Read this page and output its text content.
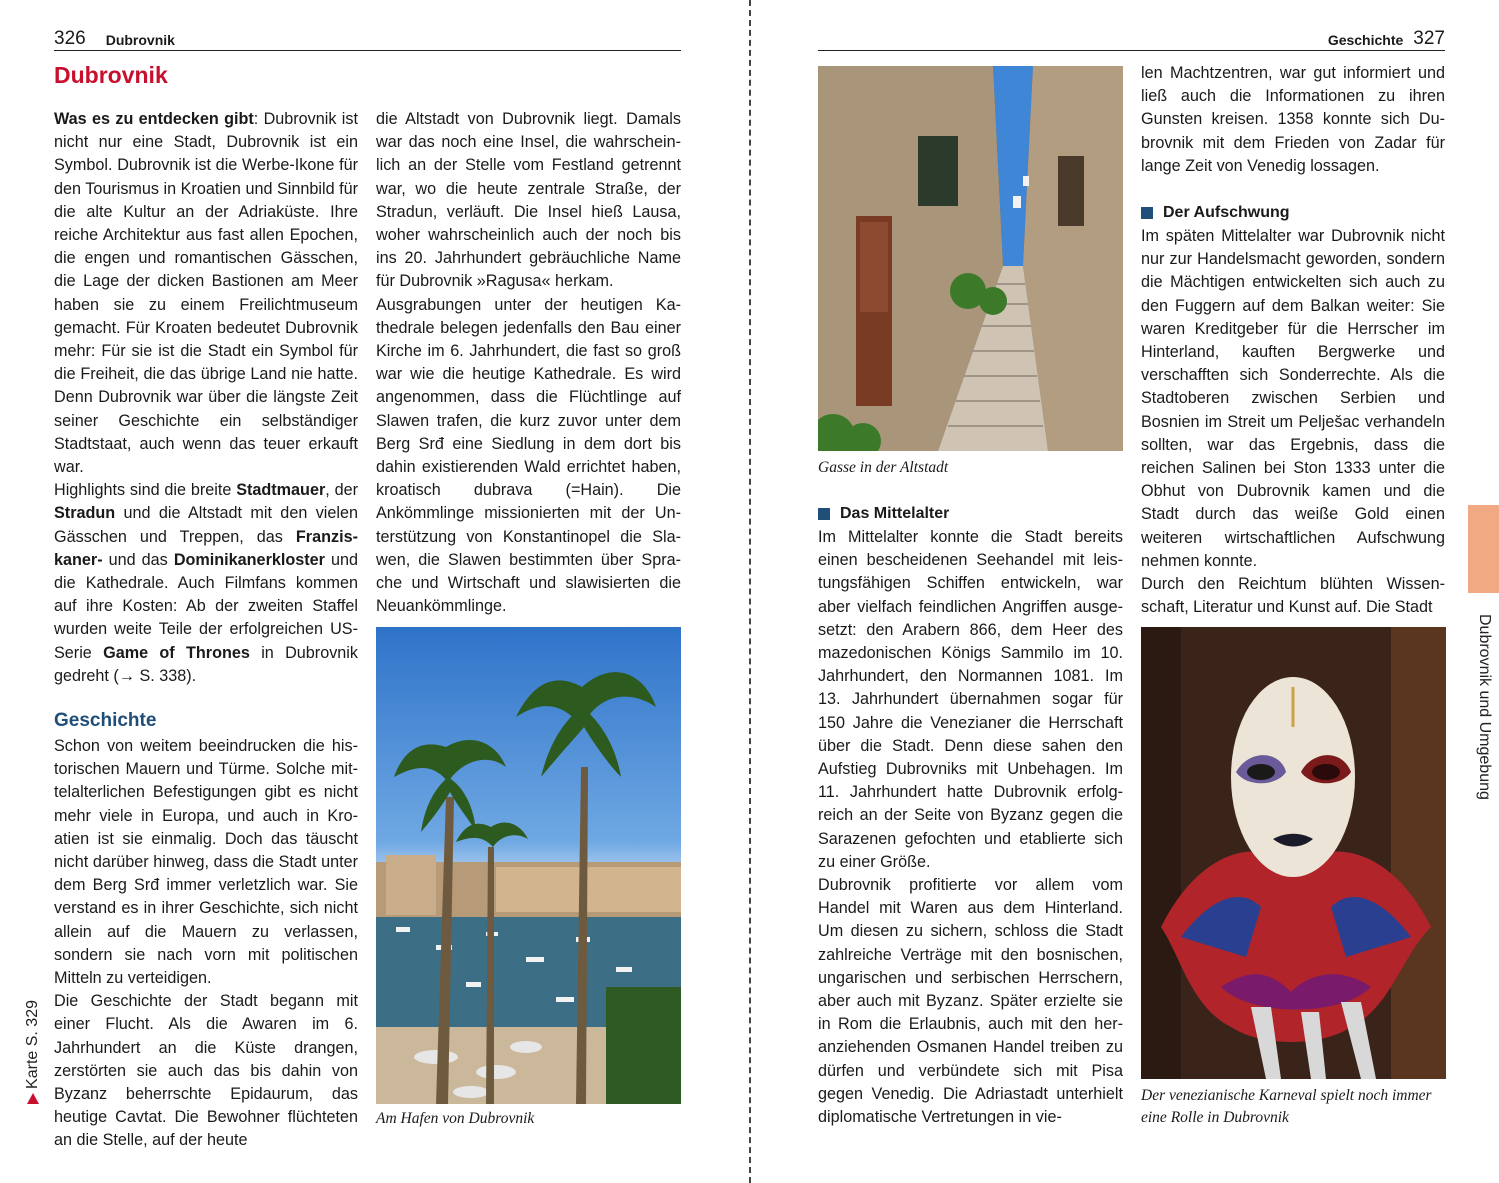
326 Dubrovnik
Dubrovnik

Was es zu entdecken gibt: Dubrovnik ist nicht nur eine Stadt, Dubrovnik ist ein Symbol. Dubrovnik ist die Werbe-Ikone für den Tourismus in Kroatien und Sinnbild für die alte Kultur an der Adriaküste. Ihre reiche Architektur aus fast allen Epochen, die engen und romantischen Gässchen, die Lage der dicken Bastionen am Meer haben sie zu einem Freilichtmuseum gemacht. Für Kroaten bedeutet Dubrovnik mehr: Für sie ist die Stadt ein Symbol für die Freiheit, die das übrige Land nie hatte. Denn Dubrovnik war über die längste Zeit seiner Geschichte ein selbständiger Stadtstaat, auch wenn das teuer erkauft war.

Highlights sind die breite Stadtmauer, der Stradun und die Altstadt mit den vielen Gässchen und Treppen, das Franziskaner- und das Dominikanerkloster und die Kathedrale. Auch Filmfans kommen auf ihre Kosten: Ab der zweiten Staffel wurden weite Teile der erfolgreichen US-Serie Game of Thrones in Dubrovnik gedreht (→ S. 338).

Geschichte

Schon von weitem beeindrucken die historischen Mauern und Türme. Solche mittelalterlichen Befestigungen gibt es nicht mehr viele in Europa, und auch in Kroatien ist sie einmalig. Doch das täuscht nicht darüber hinweg, dass die Stadt unter dem Berg Srđ immer verletzlich war. Sie verstand es in ihrer Geschichte, sich nicht allein auf die Mauern zu verlassen, sondern sie nach vorn mit politischen Mitteln zu verteidigen.

Die Geschichte der Stadt begann mit einer Flucht. Als die Awaren im 6. Jahrhundert an die Küste drangen, zerstörten sie auch das bis dahin von Byzanz beherrschte Epidaurum, das heutige Cavtat. Die Bewohner flüchteten an die Stelle, auf der heute

die Altstadt von Dubrovnik liegt. Damals war das noch eine Insel, die wahrscheinlich an der Stelle vom Festland getrennt war, wo die heute zentrale Straße, der Stradun, verläuft. Die Insel hieß Lausa, woher wahrscheinlich auch der noch bis ins 20. Jahrhundert gebräuchliche Name für Dubrovnik »Ragusa« herkam.

Ausgrabungen unter der heutigen Kathedrale belegen jedenfalls den Bau einer Kirche im 6. Jahrhundert, die fast so groß war wie die heutige Kathedrale. Es wird angenommen, dass die Flüchtlinge auf Slawen trafen, die kurz zuvor unter dem Berg Srđ eine Siedlung in dem dort bis dahin existierenden Wald errichtet haben, kroatisch dubrava (=Hain). Die Ankömmlinge missionierten mit der Unterstützung von Konstantinopel die Slawen, die Slawen bestimmten über Sprache und Wirtschaft und slawisierten die Neuankömmlinge.

Am Hafen von Dubrovnik
Karte S. 329
Geschichte 327
Gasse in der Altstadt
Das Mittelalter

Im Mittelalter konnte die Stadt bereits einen bescheidenen Seehandel mit leistungsfähigen Schiffen entwickeln, war aber vielfach feindlichen Angriffen ausgesetzt: den Arabern 866, dem Heer des mazedonischen Königs Sammilo im 10. Jahrhundert, den Normannen 1081. Im 13. Jahrhundert übernahmen sogar für 150 Jahre die Venezianer die Herrschaft über die Stadt. Denn diese sahen den Aufstieg Dubrovniks mit Unbehagen. Im 11. Jahrhundert hatte Dubrovnik erfolgreich an der Seite von Byzanz gegen die Sarazenen gefochten und etablierte sich zu einer Größe.

Dubrovnik profitierte vor allem vom Handel mit Waren aus dem Hinterland. Um diesen zu sichern, schloss die Stadt zahlreiche Verträge mit den bosnischen, ungarischen und serbischen Herrschern, aber auch mit Byzanz. Später erzielte sie in Rom die Erlaubnis, auch mit den heranziehenden Osmanen Handel treiben zu dürfen und verbündete sich mit Pisa gegen Venedig. Die Adriastadt unterhielt diplomatische Vertretungen in vie-

len Machtzentren, war gut informiert und ließ auch die Informationen zu ihren Gunsten kreisen. 1358 konnte sich Dubrovnik mit dem Frieden von Zadar für lange Zeit von Venedig lossagen.

Der Aufschwung

Im späten Mittelalter war Dubrovnik nicht nur zur Handelsmacht geworden, sondern die Mächtigen entwickelten sich auch zu den Fuggern auf dem Balkan weiter: Sie waren Kreditgeber für die Herrscher im Hinterland, kauften Bergwerke und verschafften sich Sonderrechte. Als die Stadtoberen zwischen Serbien und Bosnien im Streit um Pelješac verhandeln sollten, war das Ergebnis, dass die reichen Salinen bei Ston 1333 unter die Obhut von Dubrovnik kamen und die Stadt durch das weiße Gold einen weiteren wirtschaftlichen Aufschwung nehmen konnte.

Durch den Reichtum blühten Wissenschaft, Literatur und Kunst auf. Die Stadt

Der venezianische Karneval spielt noch immer eine Rolle in Dubrovnik
Dubrovnik und Umgebung
